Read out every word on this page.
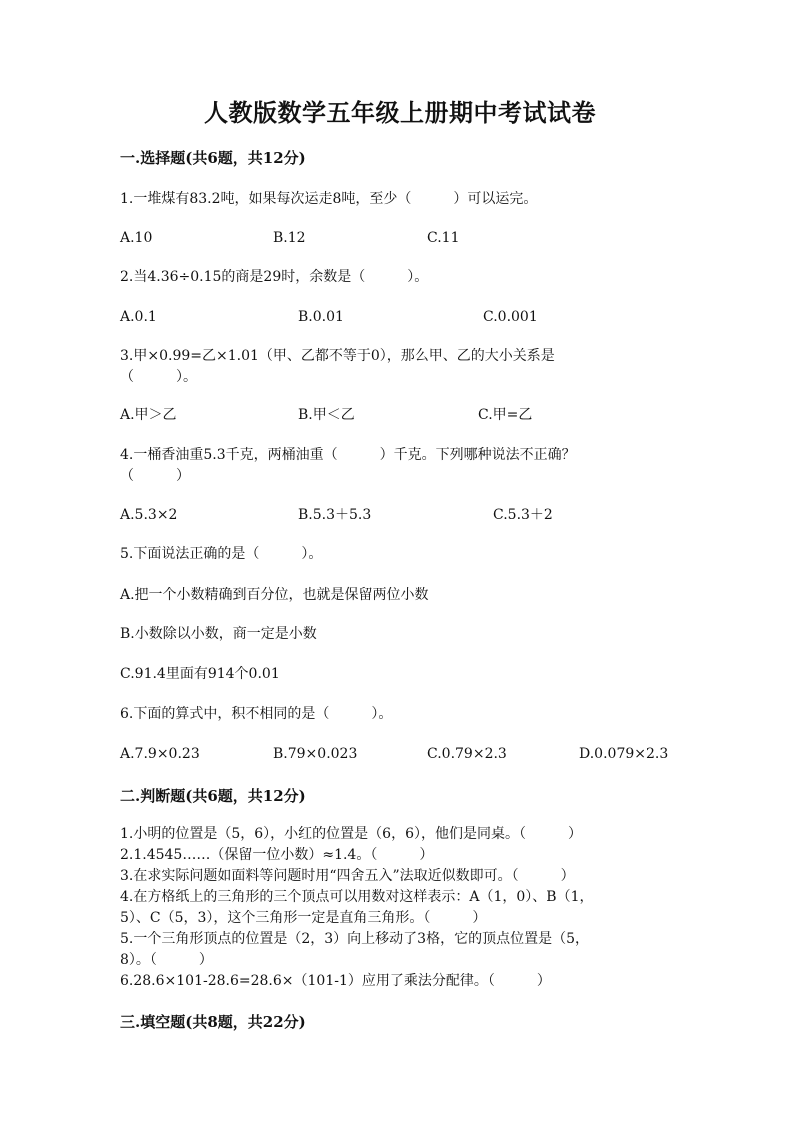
人教版数学五年级上册期中考试试卷
一.选择题(共6题，共12分)
1.一堆煤有83.2吨，如果每次运走8吨，至少（　　　）可以运完。
A.10	B.12	C.11
2.当4.36÷0.15的商是29时，余数是（　　　）。
A.0.1	B.0.01	C.0.001
3.甲×0.99=乙×1.01（甲、乙都不等于0），那么甲、乙的大小关系是
（　　　）。
A.甲＞乙	B.甲＜乙	C.甲=乙
4.一桶香油重5.3千克，两桶油重（　　　）千克。下列哪种说法不正确？
（　　　）
A.5.3×2	B.5.3＋5.3	C.5.3＋2
5.下面说法正确的是（　　　）。
A.把一个小数精确到百分位，也就是保留两位小数
B.小数除以小数，商一定是小数
C.91.4里面有914个0.01
6.下面的算式中，积不相同的是（　　　）。
A.7.9×0.23	B.79×0.023	C.0.79×2.3	D.0.079×2.3
二.判断题(共6题，共12分)
1.小明的位置是（5，6），小红的位置是（6，6），他们是同桌。（　　　）
2.1.4545……（保留一位小数）≈1.4。（　　　）
3.在求实际问题如面料等问题时用“四舍五入”法取近似数即可。（　　　）
4.在方格纸上的三角形的三个顶点可以用数对这样表示：A（1，0）、B（1，
5）、C（5，3），这个三角形一定是直角三角形。（　　　）
5.一个三角形顶点的位置是（2，3）向上移动了3格，它的顶点位置是（5，
8）。（　　　）
6.28.6×101-28.6=28.6×（101-1）应用了乘法分配律。（　　　）
三.填空题(共8题，共22分)
